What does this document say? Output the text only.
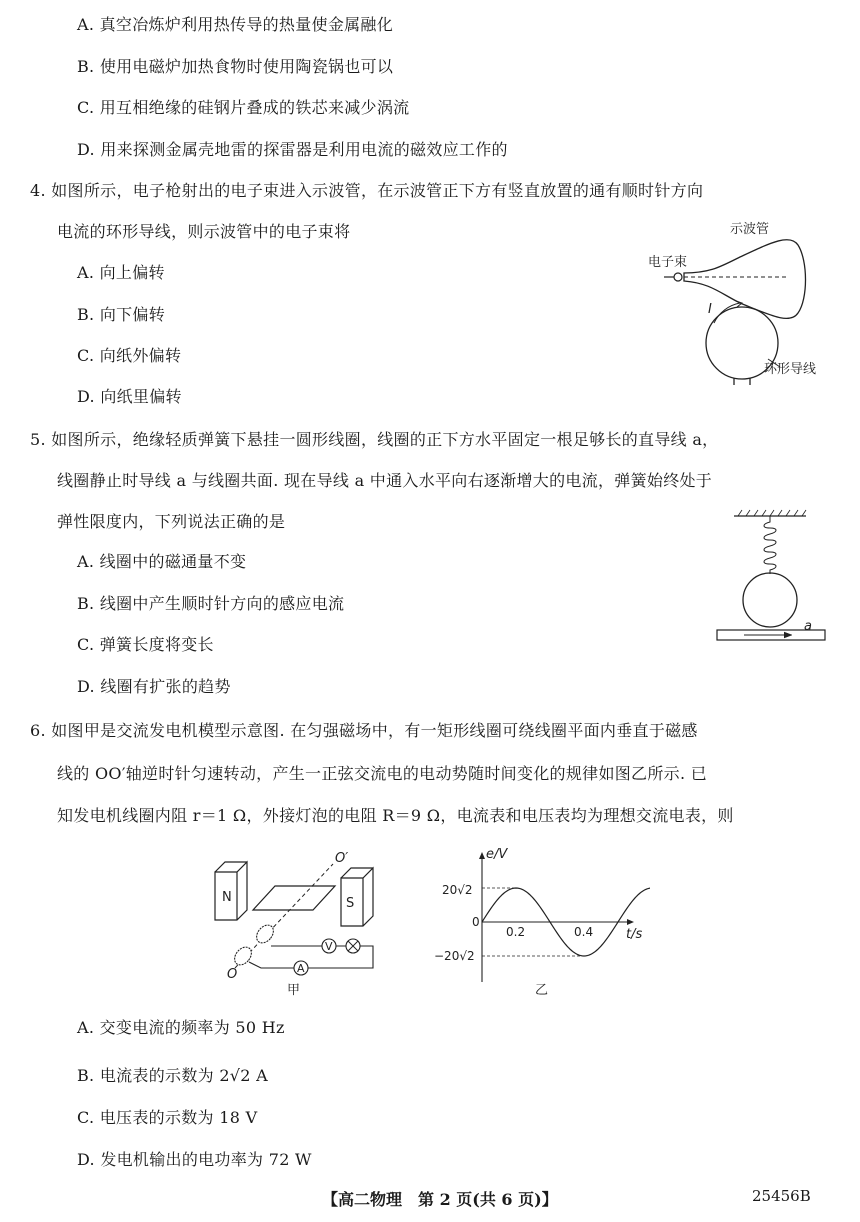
A. 真空冶炼炉利用热传导的热量使金属融化
B. 使用电磁炉加热食物时使用陶瓷锅也可以
C. 用互相绝缘的硅钢片叠成的铁芯来减少涡流
D. 用来探测金属壳地雷的探雷器是利用电流的磁效应工作的
4. 如图所示，电子枪射出的电子束进入示波管，在示波管正下方有竖直放置的通有顺时针方向
电流的环形导线，则示波管中的电子束将
A. 向上偏转
B. 向下偏转
C. 向纸外偏转
D. 向纸里偏转
示波管
电子束
I
环形导线
5. 如图所示，绝缘轻质弹簧下悬挂一圆形线圈，线圈的正下方水平固定一根足够长的直导线 a，
线圈静止时导线 a 与线圈共面. 现在导线 a 中通入水平向右逐渐增大的电流，弹簧始终处于
弹性限度内，下列说法正确的是
A. 线圈中的磁通量不变
B. 线圈中产生顺时针方向的感应电流
C. 弹簧长度将变长
D. 线圈有扩张的趋势
a
6. 如图甲是交流发电机模型示意图. 在匀强磁场中，有一矩形线圈可绕线圈平面内垂直于磁感
线的 OO′轴逆时针匀速转动，产生一正弦交流电的电动势随时间变化的规律如图乙所示. 已
知发电机线圈内阻 r＝1 Ω，外接灯泡的电阻 R＝9 Ω，电流表和电压表均为理想交流电表，则
N	S
O′
O	A
V
甲
e/V
t/s
0
20√2
−20√2
0.2	0.4
乙
A. 交变电流的频率为 50 Hz
B. 电流表的示数为 2√2 A
C. 电压表的示数为 18 V
D. 发电机输出的电功率为 72 W
【高二物理　第 2 页(共 6 页)】	25456B
